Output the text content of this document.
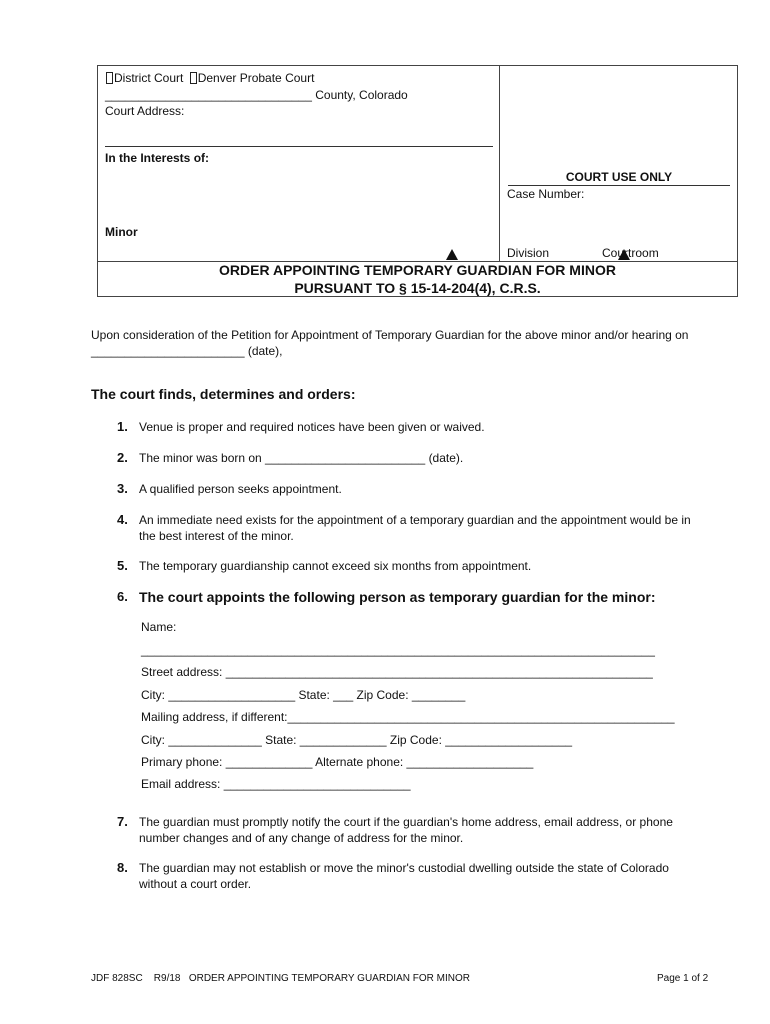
District Court Denver Probate Court
_______________________________ County, Colorado
Court Address:
In the Interests of:
Minor
COURT USE ONLY
Case Number:
Division	Courtroom
ORDER APPOINTING TEMPORARY GUARDIAN FOR MINOR
PURSUANT TO § 15-14-204(4), C.R.S.
Upon consideration of the Petition for Appointment of Temporary Guardian for the above minor and/or hearing on
_______________________ (date),
The court finds, determines and orders:
1. Venue is proper and required notices have been given or waived.
2. The minor was born on ________________________ (date).
3. A qualified person seeks appointment.
4. An immediate need exists for the appointment of a temporary guardian and the appointment would be in
the best interest of the minor.
5. The temporary guardianship cannot exceed six months from appointment.
6. The court appoints the following person as temporary guardian for the minor:
Name:
_____________________________________________________________________________
Street address: ________________________________________________________________
City: ___________________ State: ___ Zip Code: ________
Mailing address, if different:__________________________________________________________
City: ______________ State: _____________ Zip Code: ___________________
Primary phone: _____________ Alternate phone: ___________________
Email address: ____________________________
7. The guardian must promptly notify the court if the guardian's home address, email address, or phone
number changes and of any change of address for the minor.
8. The guardian may not establish or move the minor's custodial dwelling outside the state of Colorado
without a court order.
JDF 828SC    R9/18   ORDER APPOINTING TEMPORARY GUARDIAN FOR MINOR	Page 1 of 2
